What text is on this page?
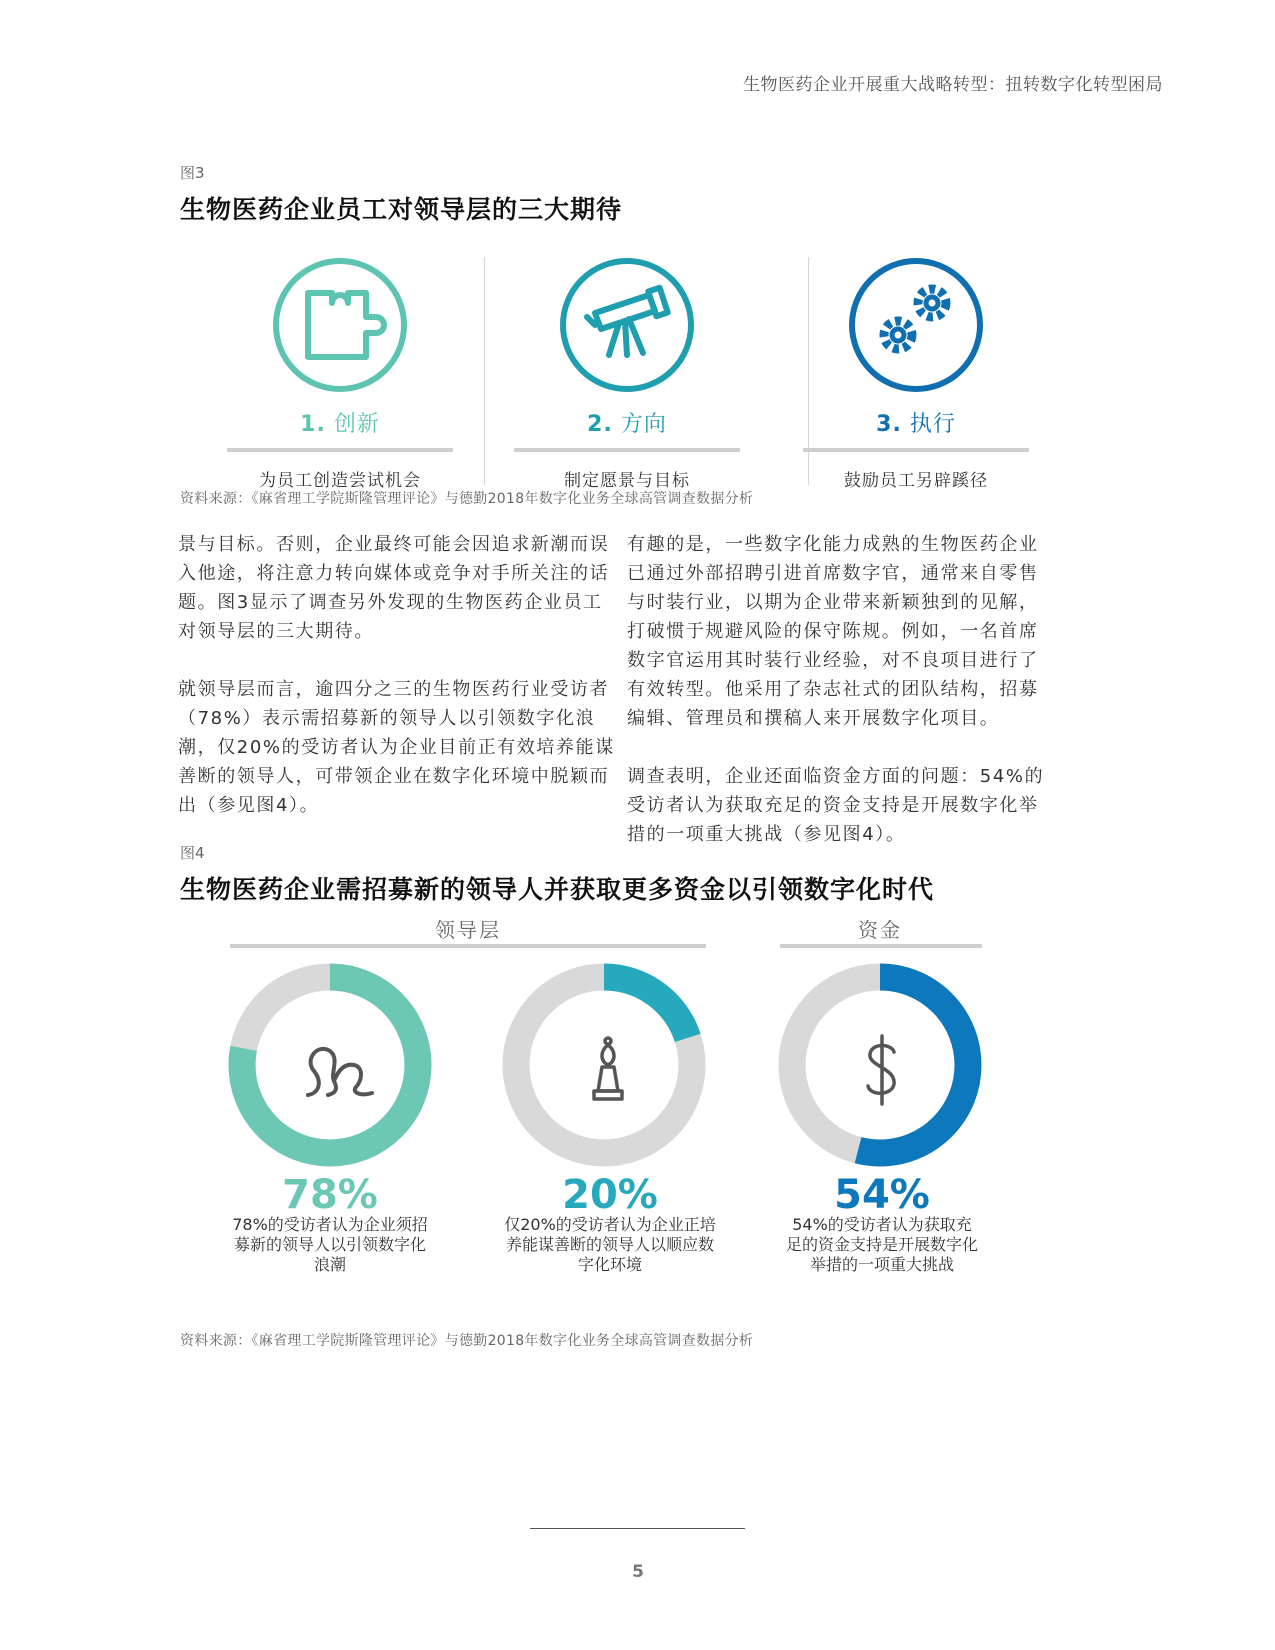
生物医药企业开展重大战略转型：扭转数字化转型困局
图3
生物医药企业员工对领导层的三大期待
1. 创新
为员工创造尝试机会
2. 方向
制定愿景与目标
3. 执行
鼓励员工另辟蹊径
资料来源：《麻省理工学院斯隆管理评论》与德勤2018年数字化业务全球高管调查数据分析

景与目标。否则，企业最终可能会因追求新潮而误入他途，将注意力转向媒体或竞争对手所关注的话题。图3显示了调查另外发现的生物医药企业员工对领导层的三大期待。

就领导层而言，逾四分之三的生物医药行业受访者（78%）表示需招募新的领导人以引领数字化浪潮，仅20%的受访者认为企业目前正有效培养能谋善断的领导人，可带领企业在数字化环境中脱颖而出（参见图4）。

有趣的是，一些数字化能力成熟的生物医药企业已通过外部招聘引进首席数字官，通常来自零售与时装行业，以期为企业带来新颖独到的见解，打破惯于规避风险的保守陈规。例如，一名首席数字官运用其时装行业经验，对不良项目进行了有效转型。他采用了杂志社式的团队结构，招募编辑、管理员和撰稿人来开展数字化项目。

调查表明，企业还面临资金方面的问题：54%的受访者认为获取充足的资金支持是开展数字化举措的一项重大挑战（参见图4）。

图4
生物医药企业需招募新的领导人并获取更多资金以引领数字化时代
领导层	资金
78%
78%的受访者认为企业须招
募新的领导人以引领数字化
浪潮
20%
仅20%的受访者认为企业正培
养能谋善断的领导人以顺应数
字化环境
54%
54%的受访者认为获取充
足的资金支持是开展数字化
举措的一项重大挑战
资料来源：《麻省理工学院斯隆管理评论》与德勤2018年数字化业务全球高管调查数据分析
5
